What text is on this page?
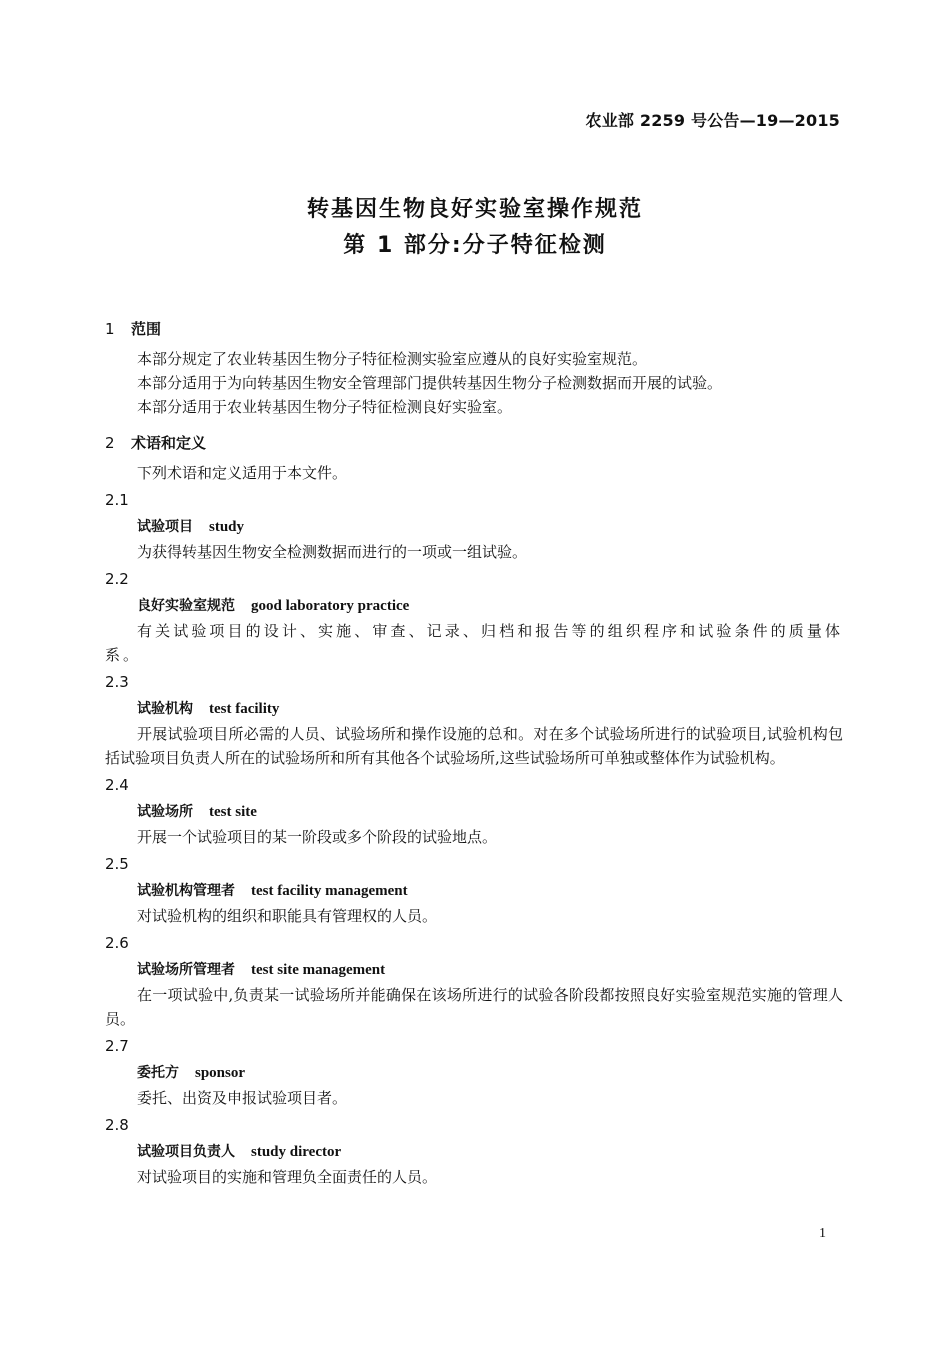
农业部 2259 号公告—19—2015
转基因生物良好实验室操作规范
第 1 部分:分子特征检测
1 范围
本部分规定了农业转基因生物分子特征检测实验室应遵从的良好实验室规范。
本部分适用于为向转基因生物安全管理部门提供转基因生物分子检测数据而开展的试验。
本部分适用于农业转基因生物分子特征检测良好实验室。
2 术语和定义
下列术语和定义适用于本文件。
2.1
试验项目 study
为获得转基因生物安全检测数据而进行的一项或一组试验。
2.2
良好实验室规范 good laboratory practice
有关试验项目的设计、实施、审查、记录、归档和报告等的组织程序和试验条件的质量体系。
2.3
试验机构 test facility
开展试验项目所必需的人员、试验场所和操作设施的总和。对在多个试验场所进行的试验项目,试验机构包括试验项目负责人所在的试验场所和所有其他各个试验场所,这些试验场所可单独或整体作为试验机构。
2.4
试验场所 test site
开展一个试验项目的某一阶段或多个阶段的试验地点。
2.5
试验机构管理者 test facility management
对试验机构的组织和职能具有管理权的人员。
2.6
试验场所管理者 test site management
在一项试验中,负责某一试验场所并能确保在该场所进行的试验各阶段都按照良好实验室规范实施的管理人员。
2.7
委托方 sponsor
委托、出资及申报试验项目者。
2.8
试验项目负责人 study director
对试验项目的实施和管理负全面责任的人员。
1
